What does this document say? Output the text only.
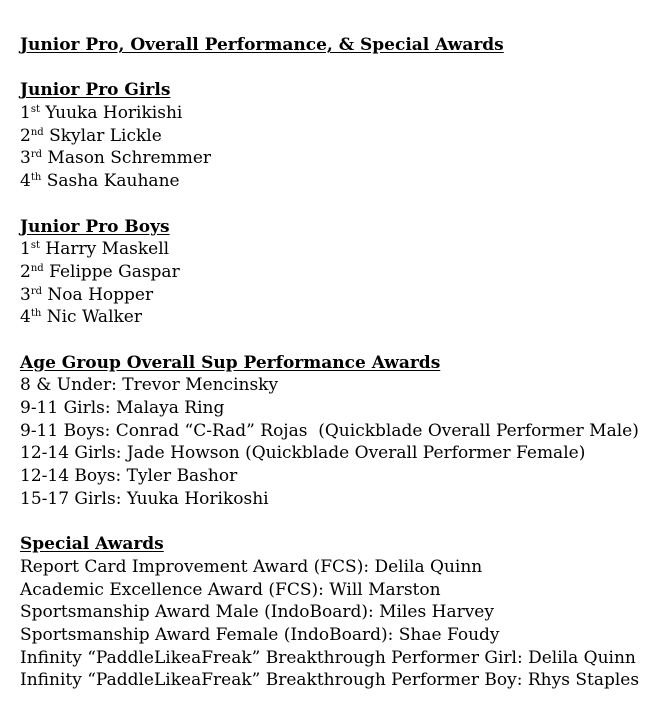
Junior Pro, Overall Performance, & Special Awards
Junior Pro Girls
1st Yuuka Horikishi
2nd Skylar Lickle
3rd Mason Schremmer
4th Sasha Kauhane
Junior Pro Boys
1st Harry Maskell
2nd Felippe Gaspar
3rd Noa Hopper
4th Nic Walker
Age Group Overall Sup Performance Awards
8 & Under: Trevor Mencinsky
9-11 Girls: Malaya Ring
9-11 Boys: Conrad “C-Rad” Rojas  (Quickblade Overall Performer Male)
12-14 Girls: Jade Howson (Quickblade Overall Performer Female)
12-14 Boys: Tyler Bashor
15-17 Girls: Yuuka Horikoshi
Special Awards
Report Card Improvement Award (FCS): Delila Quinn
Academic Excellence Award (FCS): Will Marston
Sportsmanship Award Male (IndoBoard): Miles Harvey
Sportsmanship Award Female (IndoBoard): Shae Foudy
Infinity “PaddleLikeaFreak” Breakthrough Performer Girl: Delila Quinn
Infinity “PaddleLikeaFreak” Breakthrough Performer Boy: Rhys Staples
